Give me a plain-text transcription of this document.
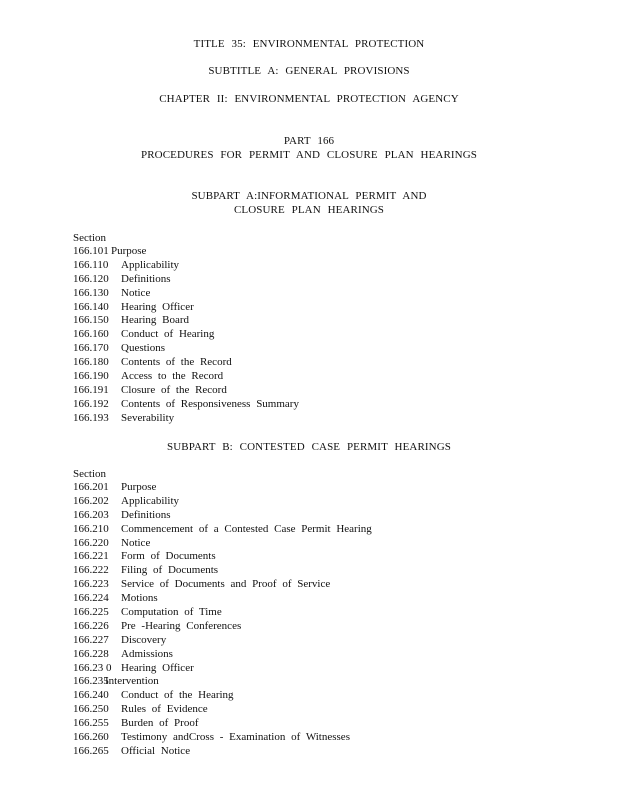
TITLE 35: ENVIRONMENTAL PROTECTION
SUBTITLE A: GENERAL PROVISIONS
CHAPTER II: ENVIRONMENTAL PROTECTION AGENCY
PART 166
PROCEDURES FOR PERMIT AND CLOSURE PLAN HEARINGS
SUBPART A:INFORMATIONAL PERMIT AND
CLOSURE PLAN HEARINGS
Section
166.101 Purpose
166.110 Applicability
166.120 Definitions
166.130 Notice
166.140 Hearing Officer
166.150 Hearing Board
166.160 Conduct of Hearing
166.170 Questions
166.180 Contents of the Record
166.190 Access to the Record
166.191 Closure of the Record
166.192 Contents of Responsiveness Summary
166.193 Severability
SUBPART B: CONTESTED CASE PERMIT HEARINGS
Section
166.201 Purpose
166.202 Applicability
166.203 Definitions
166.210 Commencement of a Contested Case Permit Hearing
166.220 Notice
166.221 Form of Documents
166.222 Filing of Documents
166.223 Service of Documents and Proof of Service
166.224 Motions
166.225 Computation of Time
166.226 Pre -Hearing Conferences
166.227 Discovery
166.228 Admissions
166.23 0 Hearing Officer
166.235
Intervention
166.240 Conduct of the Hearing
166.250 Rules of Evidence
166.255 Burden of Proof
166.260 Testimony andCross - Examination of Witnesses
166.265 Official Notice
